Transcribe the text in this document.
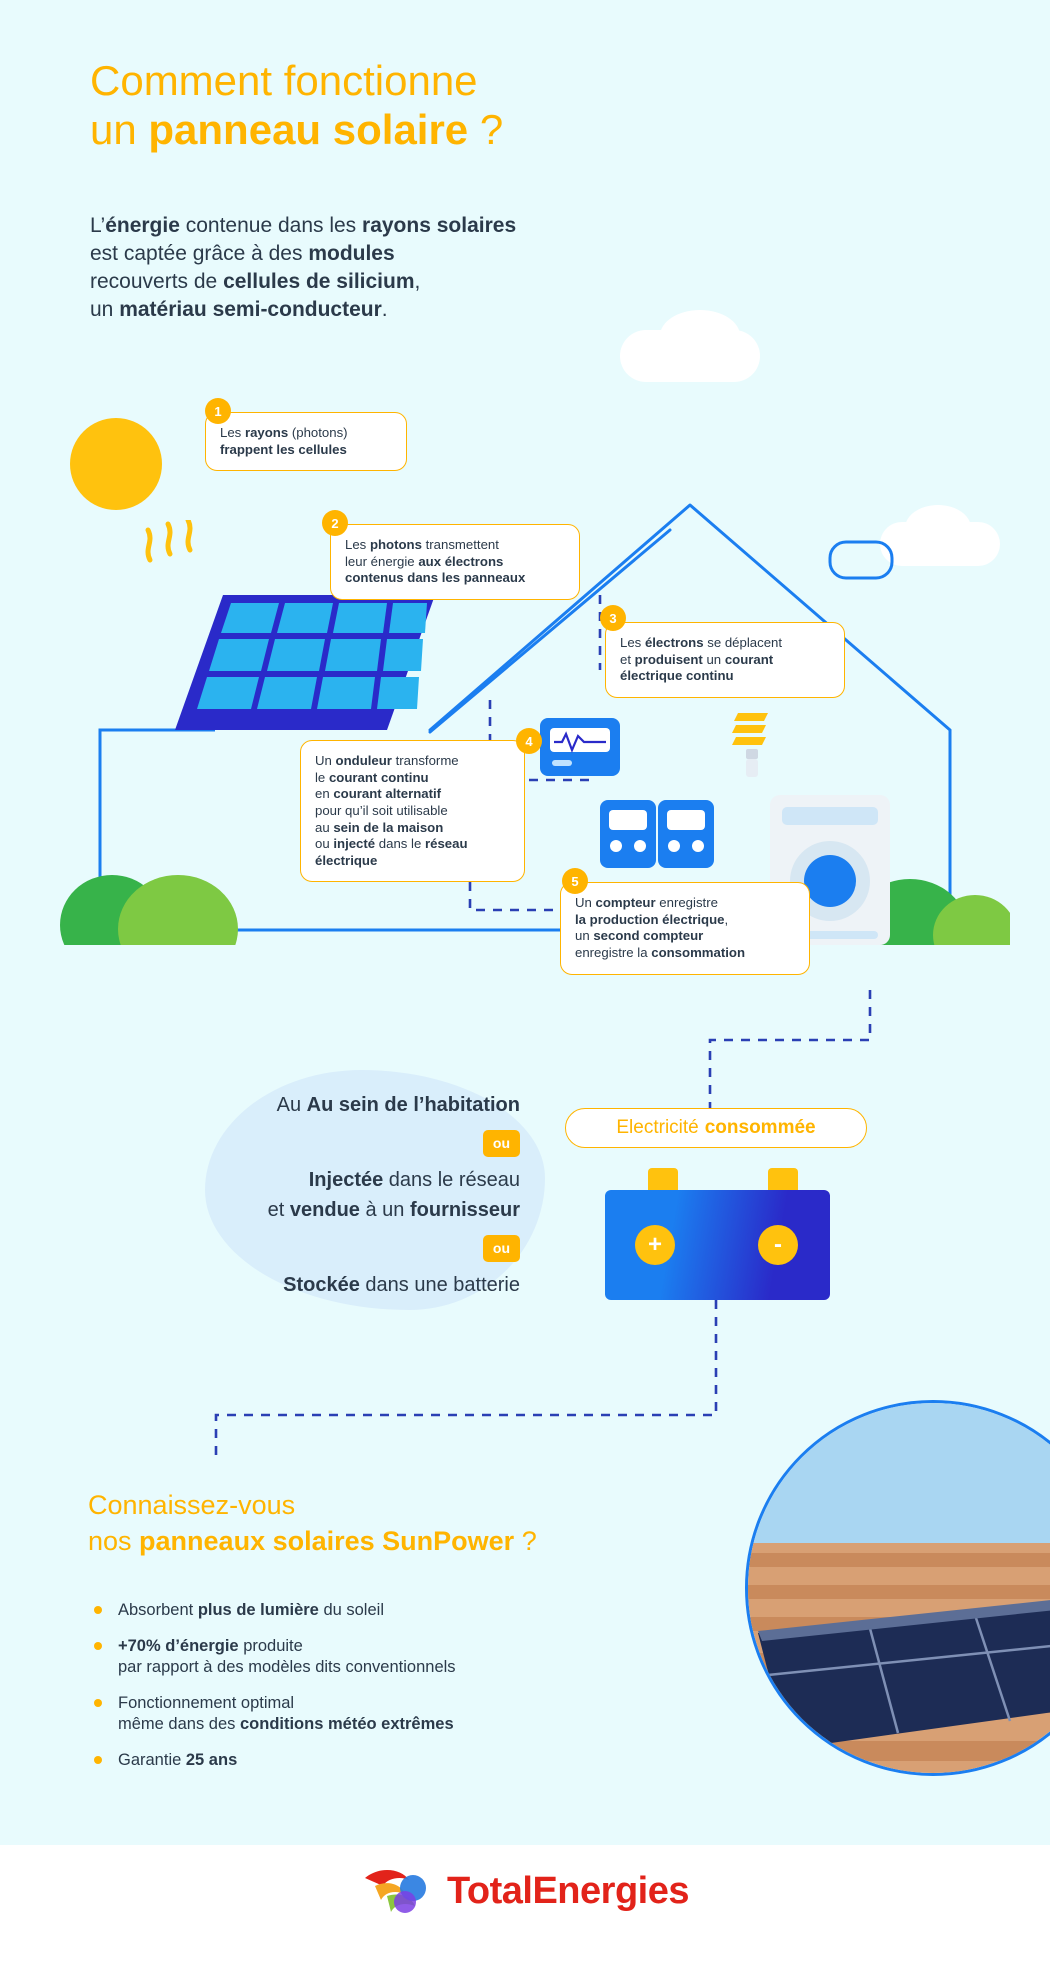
Comment fonctionne
un panneau solaire ?
L’énergie contenue dans les rayons solaires
est captée grâce à des modules
recouverts de cellules de silicium,
un matériau semi-conducteur.
Les rayons (photons)
frappent les cellules
1
Les photons transmettent
leur énergie aux électrons
contenus dans les panneaux
2
Les électrons se déplacent
et produisent un courant
électrique continu
3
Un onduleur transforme
le courant continu
en courant alternatif
pour qu’il soit utilisable
au sein de la maison
ou injecté dans le réseau
électrique
4
Un compteur enregistre
la production électrique,
un second compteur
enregistre la consommation
5
Au Au sein de l’habitation
ou
Injectée dans le réseau
et vendue à un fournisseur
ou
Stockée dans une batterie
Electricité consommée
+	-
Connaissez-vous
nos panneaux solaires SunPower ?
Absorbent plus de lumière du soleil
+70% d’énergie produite
par rapport à des modèles dits conventionnels
Fonctionnement optimal
même dans des conditions météo extrêmes
Garantie 25 ans
TotalEnergies
